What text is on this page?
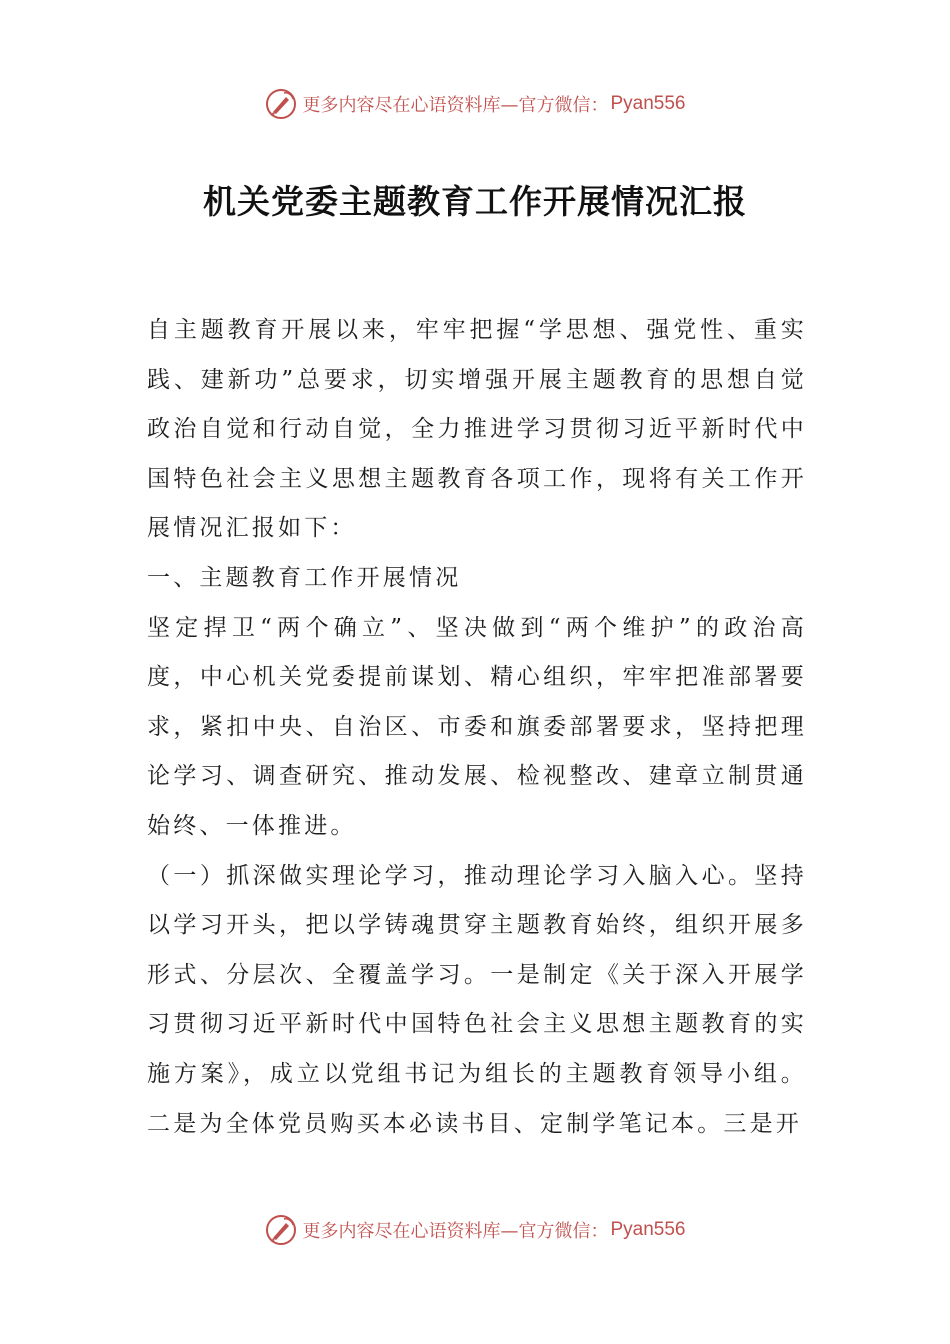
更多内容尽在心语资料库—官方微信： Pyan556
机关党委主题教育工作开展情况汇报

自主题教育开展以来，牢牢把握“学思想、强党性、重实践、建新功”总要求，切实增强开展主题教育的思想自觉政治自觉和行动自觉，全力推进学习贯彻习近平新时代中国特色社会主义思想主题教育各项工作，现将有关工作开展情况汇报如下：

一、主题教育工作开展情况

坚定捍卫“两个确立”、坚决做到“两个维护”的政治高度，中心机关党委提前谋划、精心组织，牢牢把准部署要求，紧扣中央、自治区、市委和旗委部署要求，坚持把理论学习、调查研究、推动发展、检视整改、建章立制贯通始终、一体推进。

（一）抓深做实理论学习，推动理论学习入脑入心。坚持以学习开头，把以学铸魂贯穿主题教育始终，组织开展多形式、分层次、全覆盖学习。一是制定《关于深入开展学习贯彻习近平新时代中国特色社会主义思想主题教育的实施方案》，成立以党组书记为组长的主题教育领导小组。二是为全体党员购买本必读书目、定制学笔记本。三是开

更多内容尽在心语资料库—官方微信： Pyan556
